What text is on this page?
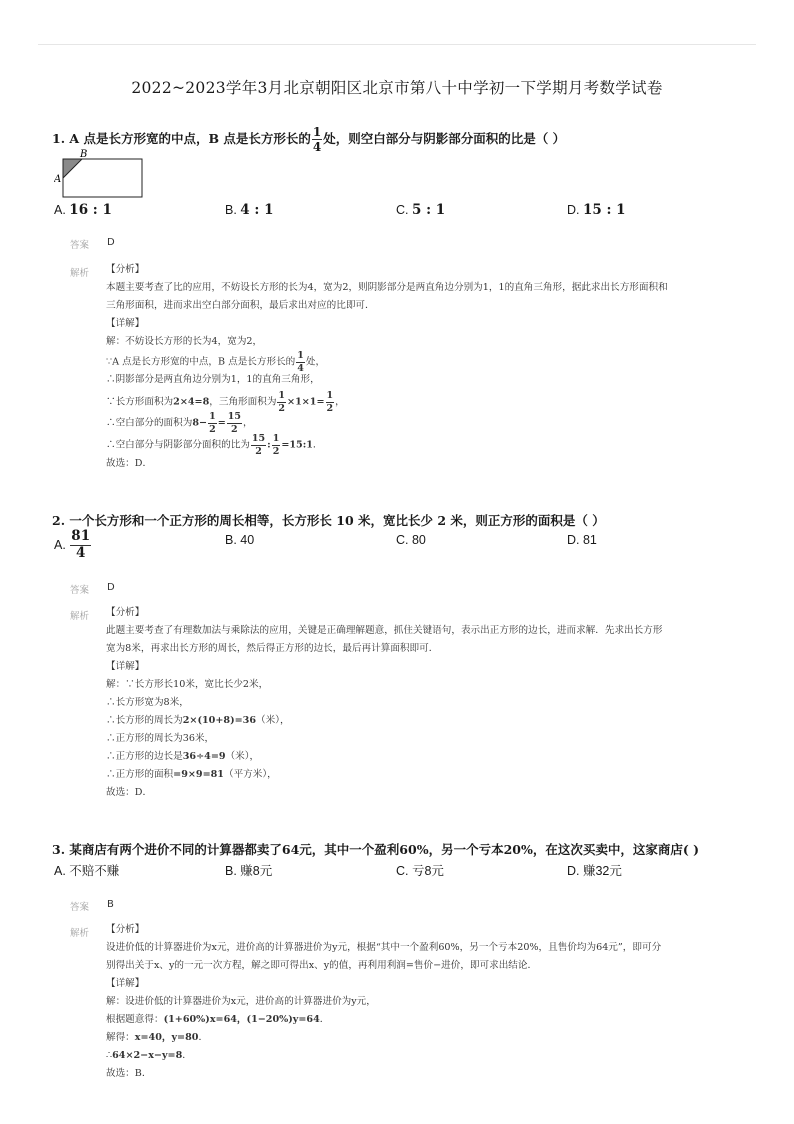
2022~2023学年3月北京朝阳区北京市第八十中学初一下学期月考数学试卷
1. A 点是长方形宽的中点，B 点是长方形长的 $\frac{1}{4}$ 处，则空白部分与阴影部分面积的比是（ ）
A
B
A. 16 : 1	B. 4 : 1	C. 5 : 1	D. 15 : 1
答案 D
解析 【分析】
本题主要考查了比的应用，不妨设长方形的长为4，宽为2，则阴影部分是两直角边分别为1，1的直角三角形，据此求出长方形面积和
三角形面积，进而求出空白部分面积，最后求出对应的比即可．
【详解】
解：不妨设长方形的长为4，宽为2，
∵A 点是长方形宽的中点，B 点是长方形长的 $\frac{1}{4}$ 处，
∴阴影部分是两直角边分别为1，1的直角三角形，
∵长方形面积为2×4=8，三角形面积为 $\frac{1}{2} \times 1\times 1= \frac{1}{2}$ ，
∴空白部分的面积为$8- \frac{1}{2} = \frac{15}{2}$ ，
∴空白部分与阴影部分面积的比为 $\frac{15}{2}$ : $\frac{1}{2}$ =15:1．
故选：D．
2. 一个长方形和一个正方形的周长相等，长方形长 10 米，宽比长少 2 米，则正方形的面积是（ ）
A. $\frac{81}{4}$	B. 40	C. 80	D. 81
答案 D
解析 【分析】
此题主要考查了有理数加法与乘除法的应用，关键是正确理解题意，抓住关键语句，表示出正方形的边长，进而求解．先求出长方形
宽为8米，再求出长方形的周长，然后得正方形的边长，最后再计算面积即可．
【详解】
解：∵长方形长10米，宽比长少2米，
∴长方形宽为8米，
∴长方形的周长为2×(10+8)=36（米），
∴正方形的周长为36米，
∴正方形的边长是36÷4=9（米），
∴正方形的面积=9×9=81（平方米），
故选：D．
3. 某商店有两个进价不同的计算器都卖了64元，其中一个盈利60%，另一个亏本20%，在这次买卖中，这家商店( )
A. 不赔不赚	B. 赚8元	C. 亏8元	D. 赚32元
答案 B
解析 【分析】
设进价低的计算器进价为x元，进价高的计算器进价为y元，根据“其中一个盈利60%，另一个亏本20%，且售价均为64元”，即可分
别得出关于x、y的一元一次方程，解之即可得出x、y的值，再利用利润=售价−进价，即可求出结论．
【详解】
解：设进价低的计算器进价为x元，进价高的计算器进价为y元，
根据题意得：(1+60%)x=64，(1−20%)y=64．
解得：x=40，y=80．
∴64×2−x−y=8．
故选：B．
